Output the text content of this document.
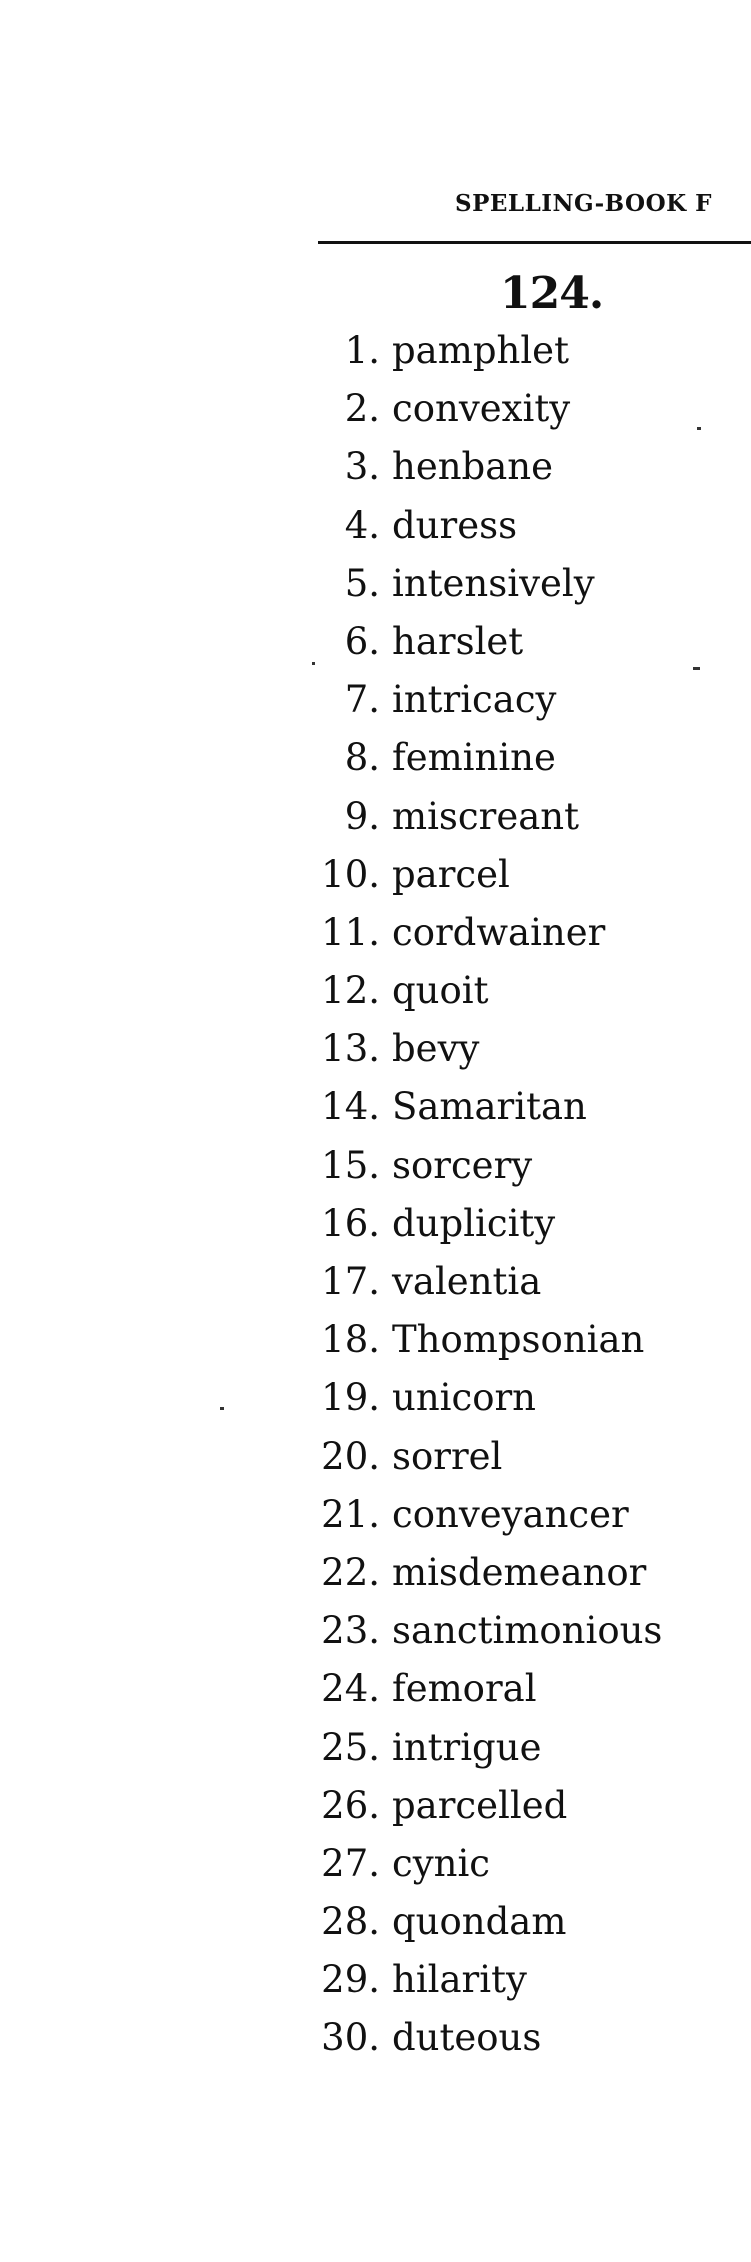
SPELLING-BOOK F
124.
1. pamphlet
2. convexity
3. henbane
4. duress
5. intensively
6. harslet
7. intricacy
8. feminine
9. miscreant
10. parcel
11. cordwainer
12. quoit
13. bevy
14. Samaritan
15. sorcery
16. duplicity
17. valentia
18. Thompsonian
19. unicorn
20. sorrel
21. conveyancer
22. misdemeanor
23. sanctimonious
24. femoral
25. intrigue
26. parcelled
27. cynic
28. quondam
29. hilarity
30. duteous
